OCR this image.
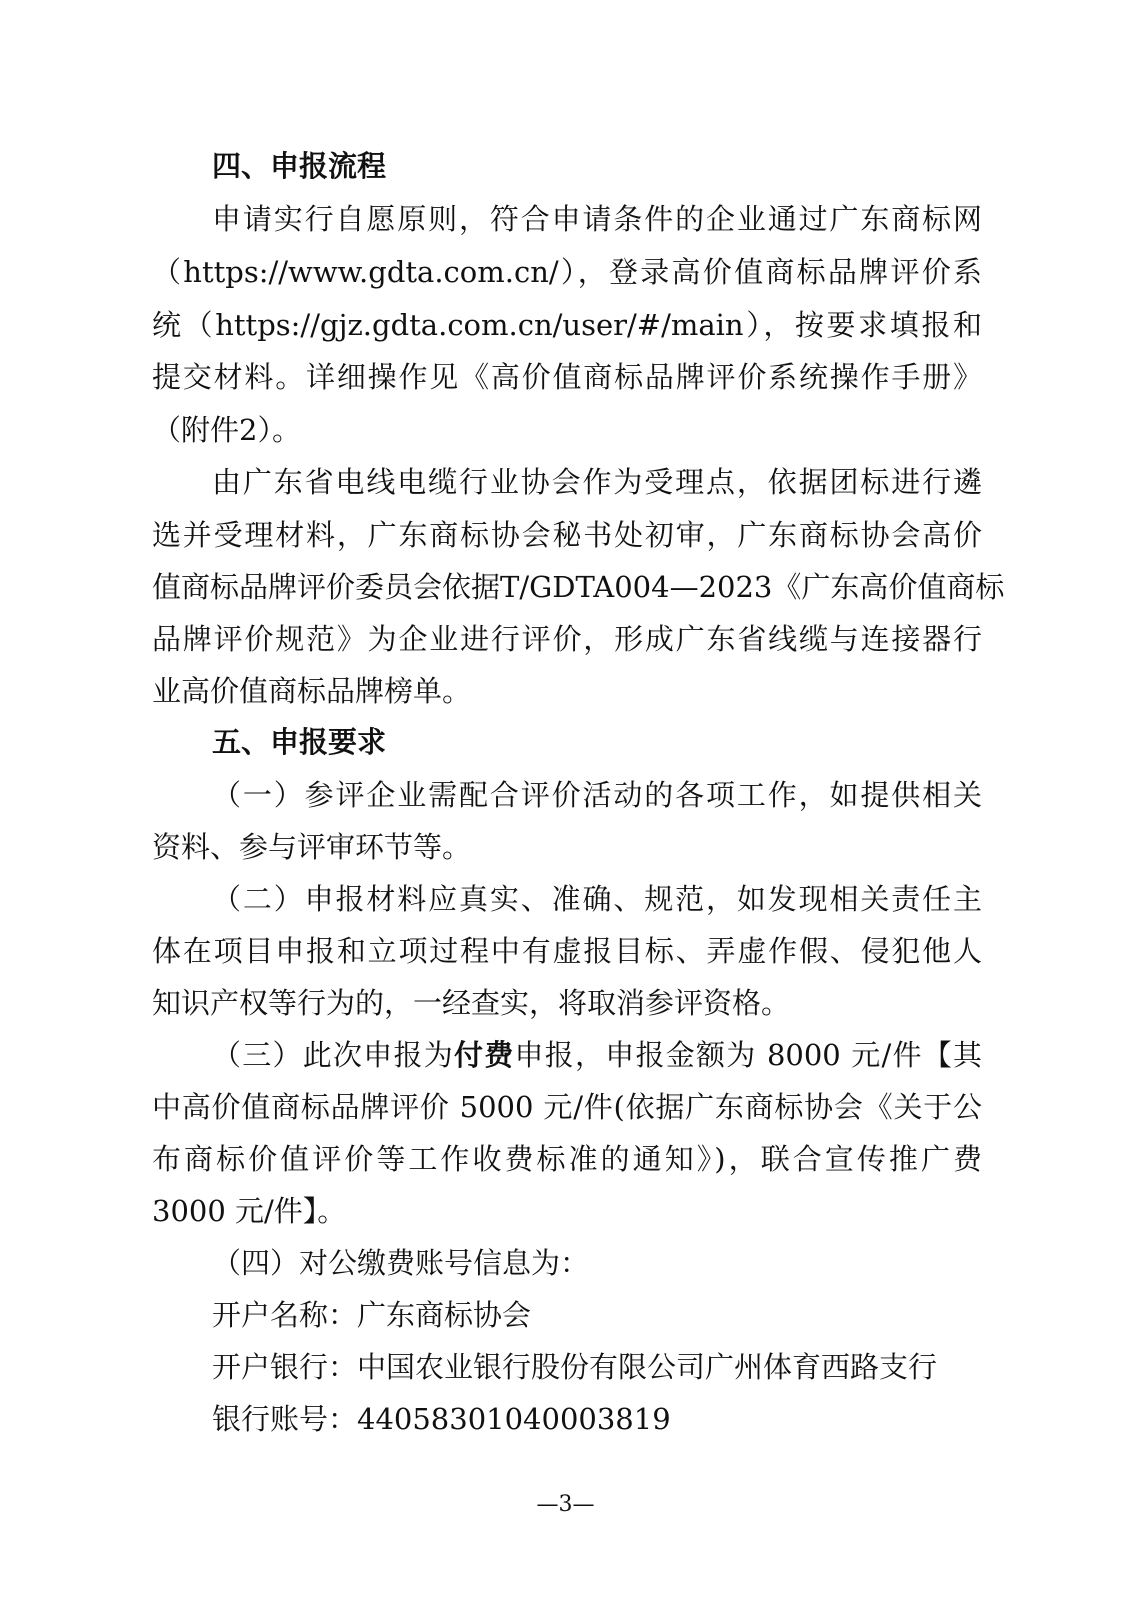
四、申报流程
申请实行自愿原则，符合申请条件的企业通过广东商标网
（https://www.gdta.com.cn/），登录高价值商标品牌评价系
统（https://gjz.gdta.com.cn/user/#/main），按要求填报和
提交材料。详细操作见《高价值商标品牌评价系统操作手册》
（附件2）。
由广东省电线电缆行业协会作为受理点，依据团标进行遴
选并受理材料，广东商标协会秘书处初审，广东商标协会高价
值商标品牌评价委员会依据T/GDTA004—2023《广东高价值商标
品牌评价规范》为企业进行评价，形成广东省线缆与连接器行
业高价值商标品牌榜单。
五、申报要求
（一）参评企业需配合评价活动的各项工作，如提供相关
资料、参与评审环节等。
（二）申报材料应真实、准确、规范，如发现相关责任主
体在项目申报和立项过程中有虚报目标、弄虚作假、侵犯他人
知识产权等行为的，一经查实，将取消参评资格。
（三）此次申报为付费申报，申报金额为 8000 元/件【其
中高价值商标品牌评价 5000 元/件(依据广东商标协会《关于公
布商标价值评价等工作收费标准的通知》)，联合宣传推广费
3000 元/件】。
（四）对公缴费账号信息为：
开户名称：广东商标协会
开户银行：中国农业银行股份有限公司广州体育西路支行
银行账号：44058301040003819
—3—
